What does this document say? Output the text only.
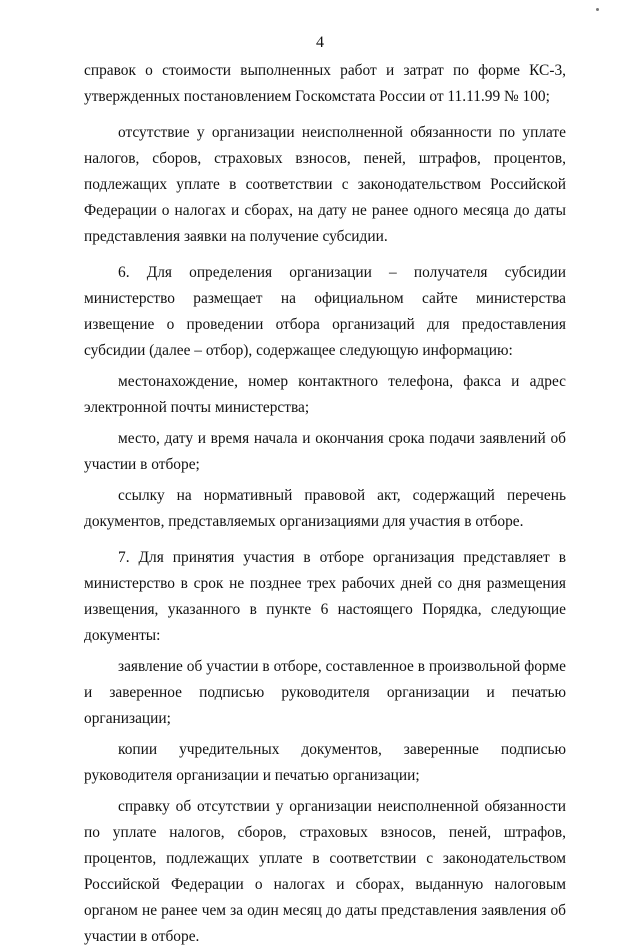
4

справок о стоимости выполненных работ и затрат по форме КС-3, утвержденных постановлением Госкомстата России от 11.11.99 № 100;

отсутствие у организации неисполненной обязанности по уплате налогов, сборов, страховых взносов, пеней, штрафов, процентов, подлежащих уплате в соответствии с законодательством Российской Федерации о налогах и сборах, на дату не ранее одного месяца до даты представления заявки на получение субсидии.

6. Для определения организации – получателя субсидии министерство размещает на официальном сайте министерства извещение о проведении отбора организаций для предоставления субсидии (далее – отбор), содержащее следующую информацию:

местонахождение, номер контактного телефона, факса и адрес электронной почты министерства;

место, дату и время начала и окончания срока подачи заявлений об участии в отборе;

ссылку на нормативный правовой акт, содержащий перечень документов, представляемых организациями для участия в отборе.

7. Для принятия участия в отборе организация представляет в министерство в срок не позднее трех рабочих дней со дня размещения извещения, указанного в пункте 6 настоящего Порядка, следующие документы:

заявление об участии в отборе, составленное в произвольной форме и заверенное подписью руководителя организации и печатью организации;

копии учредительных документов, заверенные подписью руководителя организации и печатью организации;

справку об отсутствии у организации неисполненной обязанности по уплате налогов, сборов, страховых взносов, пеней, штрафов, процентов, подлежащих уплате в соответствии с законодательством Российской Федерации о налогах и сборах, выданную налоговым органом не ранее чем за один месяц до даты представления заявления об участии в отборе.
